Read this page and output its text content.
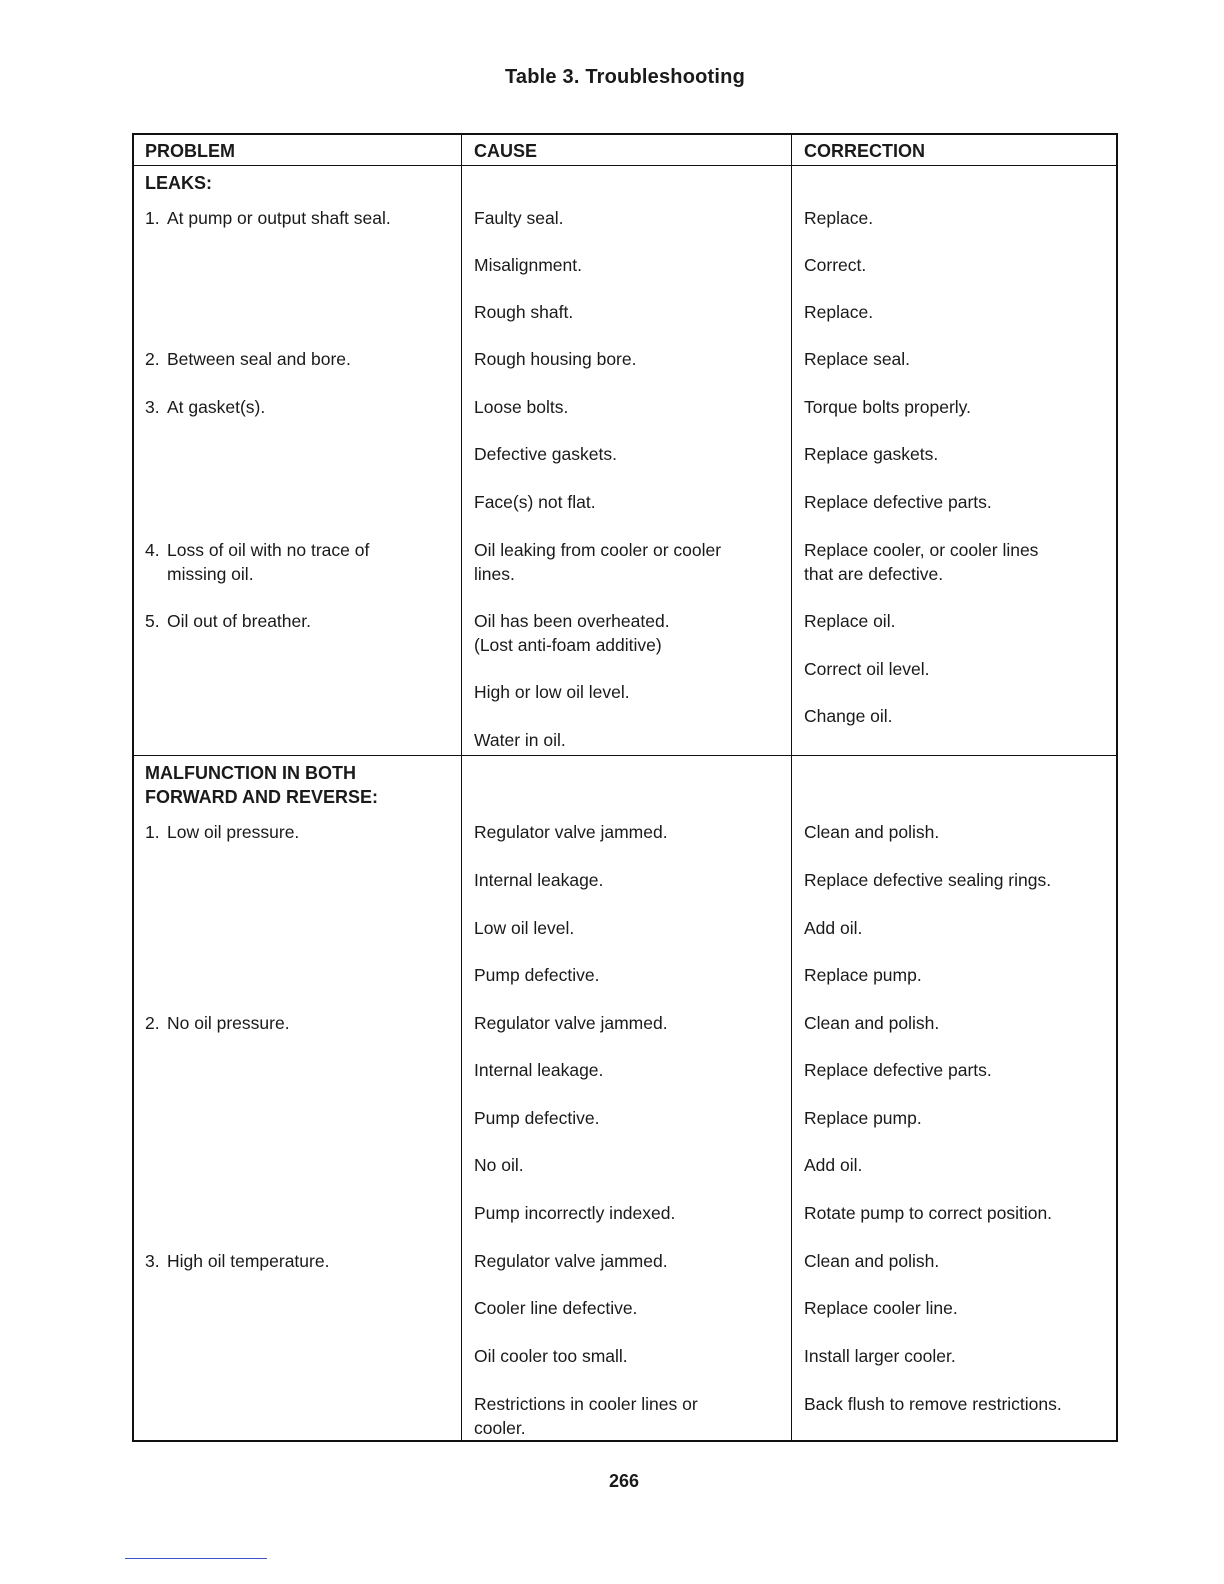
Table 3. Troubleshooting
PROBLEM	CAUSE	CORRECTION
LEAKS:
1. At pump or output shaft seal.
2. Between seal and bore.
3. At gasket(s).
4. Loss of oil with no trace of
missing oil.
5. Oil out of breather.
Faulty seal.
Misalignment.
Rough shaft.
Rough housing bore.
Loose bolts.
Defective gaskets.
Face(s) not flat.
Oil leaking from cooler or cooler
lines.
Oil has been overheated.
(Lost anti-foam additive)
High or low oil level.
Water in oil.
Replace.
Correct.
Replace.
Replace seal.
Torque bolts properly.
Replace gaskets.
Replace defective parts.
Replace cooler, or cooler lines
that are defective.
Replace oil.
Correct oil level.
Change oil.
MALFUNCTION IN BOTH
FORWARD AND REVERSE:
1. Low oil pressure.
2. No oil pressure.
3. High oil temperature.
Regulator valve jammed.
Internal leakage.
Low oil level.
Pump defective.
Regulator valve jammed.
Internal leakage.
Pump defective.
No oil.
Pump incorrectly indexed.
Regulator valve jammed.
Cooler line defective.
Oil cooler too small.
Restrictions in cooler lines or
cooler.
Clean and polish.
Replace defective sealing rings.
Add oil.
Replace pump.
Clean and polish.
Replace defective parts.
Replace pump.
Add oil.
Rotate pump to correct position.
Clean and polish.
Replace cooler line.
Install larger cooler.
Back flush to remove restrictions.
266
